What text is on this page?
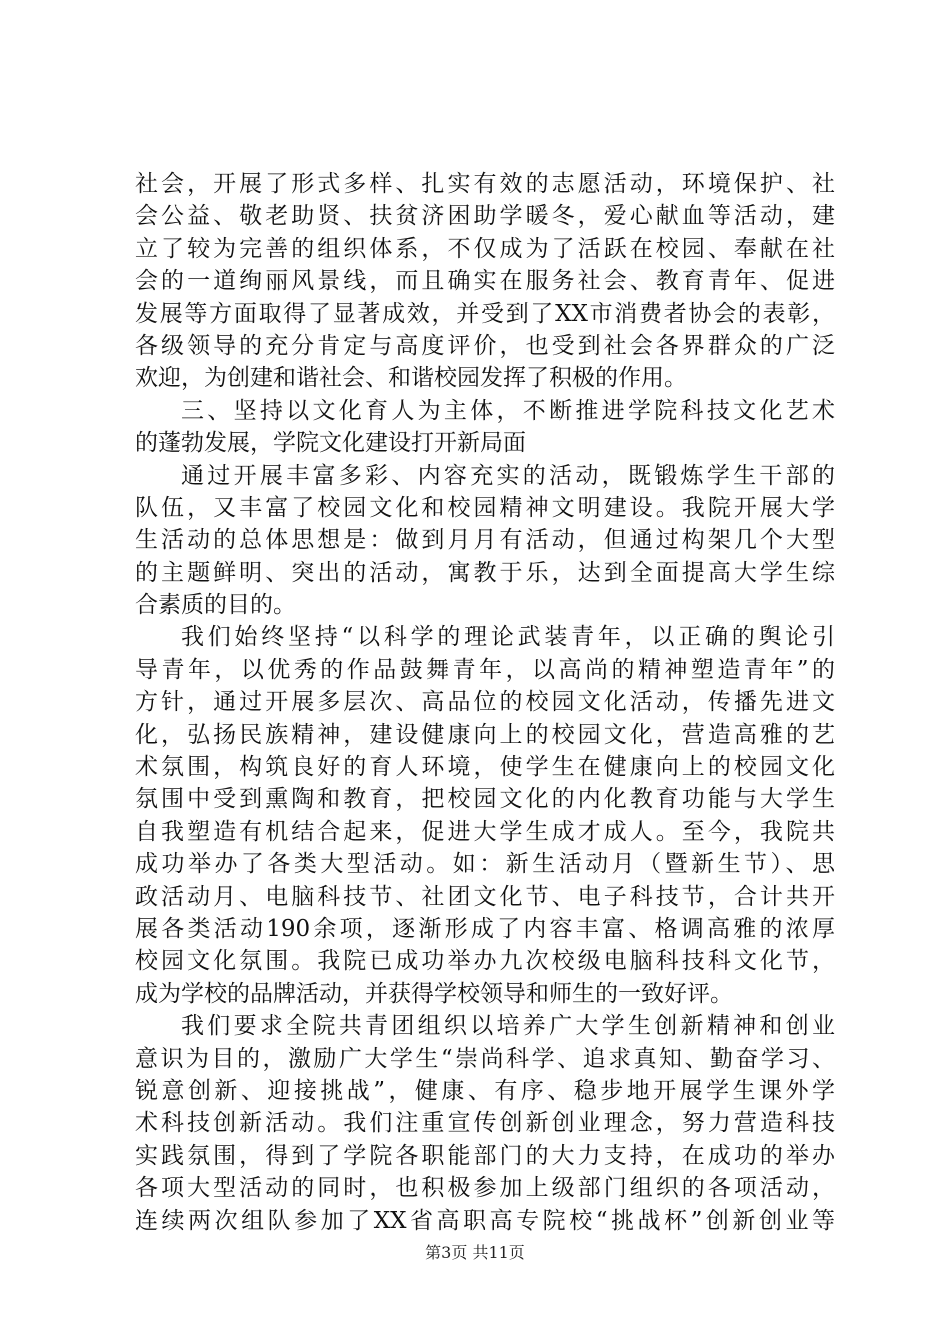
社会，开展了形式多样、扎实有效的志愿活动，环境保护、社
会公益、敬老助贤、扶贫济困助学暖冬，爱心献血等活动，建
立了较为完善的组织体系，不仅成为了活跃在校园、奉献在社
会的一道绚丽风景线，而且确实在服务社会、教育青年、促进
发展等方面取得了显著成效，并受到了XX市消费者协会的表彰，
各级领导的充分肯定与高度评价，也受到社会各界群众的广泛
欢迎，为创建和谐社会、和谐校园发挥了积极的作用。
三、坚持以文化育人为主体，不断推进学院科技文化艺术
的蓬勃发展，学院文化建设打开新局面
通过开展丰富多彩、内容充实的活动，既锻炼学生干部的
队伍，又丰富了校园文化和校园精神文明建设。我院开展大学
生活动的总体思想是：做到月月有活动，但通过构架几个大型
的主题鲜明、突出的活动，寓教于乐，达到全面提高大学生综
合素质的目的。
我们始终坚持“以科学的理论武装青年，以正确的舆论引
导青年，以优秀的作品鼓舞青年，以高尚的精神塑造青年”的
方针，通过开展多层次、高品位的校园文化活动，传播先进文
化，弘扬民族精神，建设健康向上的校园文化，营造高雅的艺
术氛围，构筑良好的育人环境，使学生在健康向上的校园文化
氛围中受到熏陶和教育，把校园文化的内化教育功能与大学生
自我塑造有机结合起来，促进大学生成才成人。至今，我院共
成功举办了各类大型活动。如：新生活动月（暨新生节）、思
政活动月、电脑科技节、社团文化节、电子科技节，合计共开
展各类活动190余项，逐渐形成了内容丰富、格调高雅的浓厚
校园文化氛围。我院已成功举办九次校级电脑科技科文化节，
成为学校的品牌活动，并获得学校领导和师生的一致好评。
我们要求全院共青团组织以培养广大学生创新精神和创业
意识为目的，激励广大学生“崇尚科学、追求真知、勤奋学习、
锐意创新、迎接挑战”，健康、有序、稳步地开展学生课外学
术科技创新活动。我们注重宣传创新创业理念，努力营造科技
实践氛围，得到了学院各职能部门的大力支持，在成功的举办
各项大型活动的同时，也积极参加上级部门组织的各项活动，
连续两次组队参加了XX省高职高专院校“挑战杯”创新创业等
第3页 共11页
